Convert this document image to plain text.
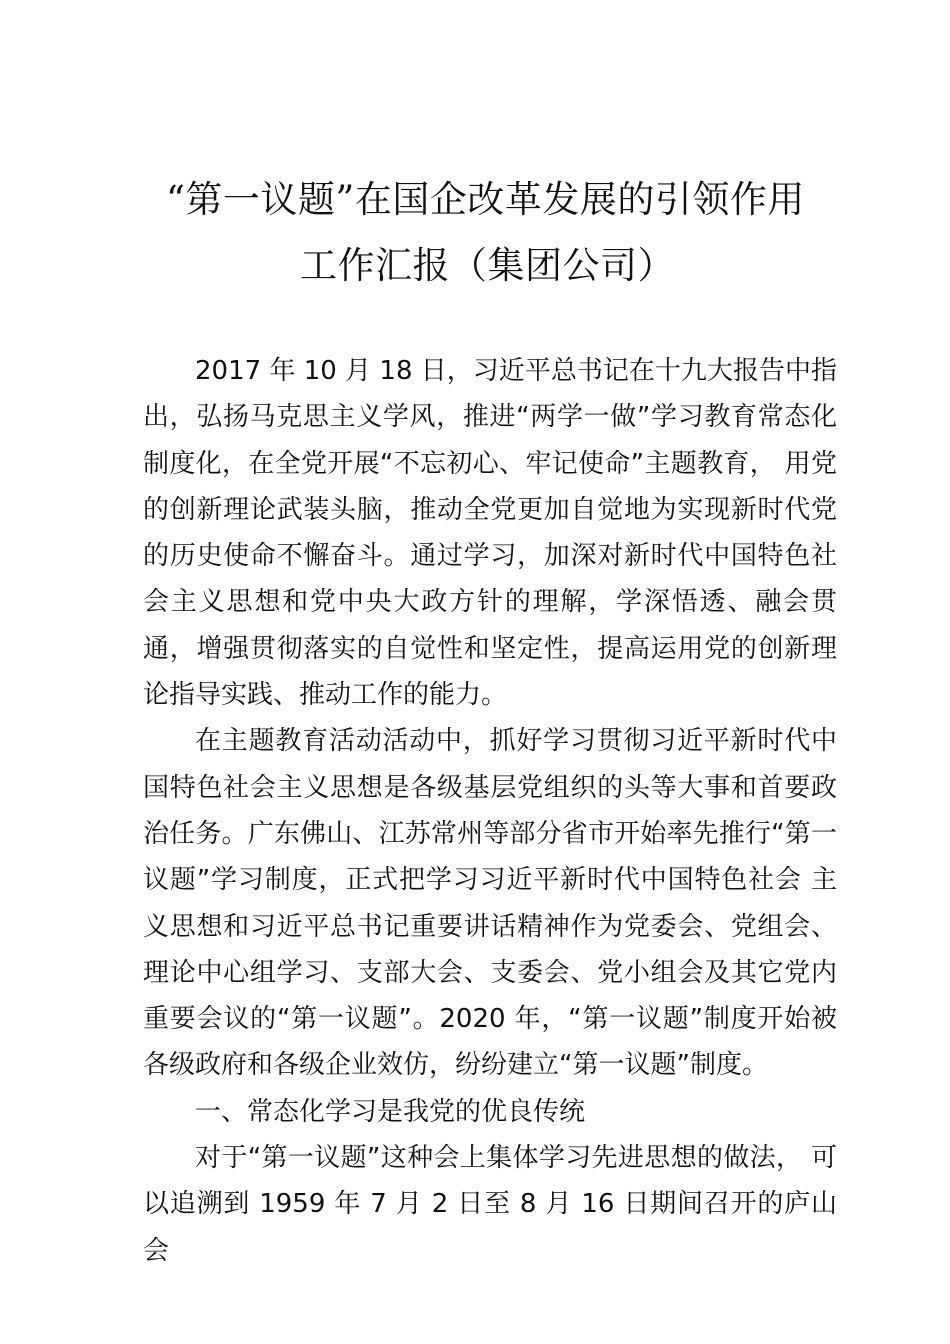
“第一议题”在国企改革发展的引领作用
工作汇报（集团公司）

2017 年 10 月 18 日，习近平总书记在十九大报告中指出，弘扬马克思主义学风，推进“两学一做”学习教育常态化制度化，在全党开展“不忘初心、牢记使命”主题教育， 用党的创新理论武装头脑，推动全党更加自觉地为实现新时代党的历史使命不懈奋斗。通过学习，加深对新时代中国特色社会主义思想和党中央大政方针的理解，学深悟透、融会贯通，增强贯彻落实的自觉性和坚定性，提高运用党的创新理论指导实践、推动工作的能力。

在主题教育活动活动中，抓好学习贯彻习近平新时代中国特色社会主义思想是各级基层党组织的头等大事和首要政治任务。广东佛山、江苏常州等部分省市开始率先推行“第一议题”学习制度，正式把学习习近平新时代中国特色社会 主义思想和习近平总书记重要讲话精神作为党委会、党组会、理论中心组学习、支部大会、支委会、党小组会及其它党内重要会议的“第一议题”。2020 年，“第一议题”制度开始被 各级政府和各级企业效仿，纷纷建立“第一议题”制度。

一、常态化学习是我党的优良传统

对于“第一议题”这种会上集体学习先进思想的做法， 可以追溯到 1959 年 7 月 2 日至 8 月 16 日期间召开的庐山会
